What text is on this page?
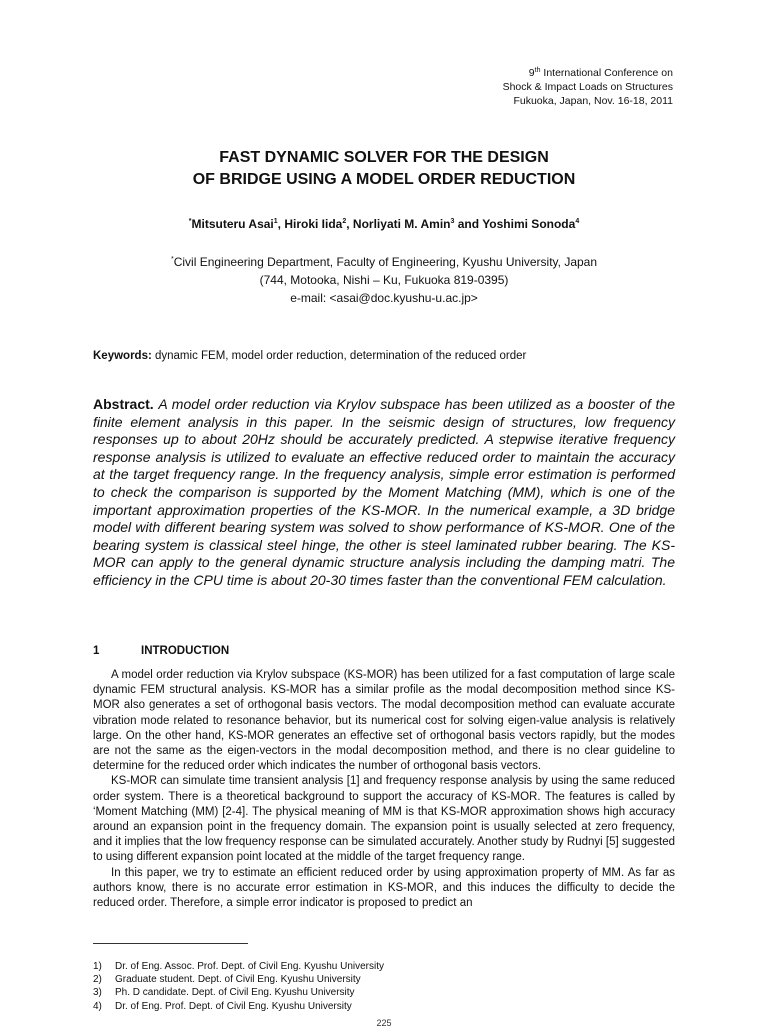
9th International Conference on
Shock & Impact Loads on Structures
Fukuoka, Japan, Nov. 16-18, 2011
FAST DYNAMIC SOLVER FOR THE DESIGN
OF BRIDGE USING A MODEL ORDER REDUCTION
*Mitsuteru Asai$^1$, Hiroki Iida$^2$, Norliyati M. Amin$^3$ and Yoshimi Sonoda$^4$
*Civil Engineering Department, Faculty of Engineering, Kyushu University, Japan
(744, Motooka, Nishi – Ku, Fukuoka 819-0395)
e-mail: <asai@doc.kyushu-u.ac.jp>
Keywords: dynamic FEM, model order reduction, determination of the reduced order
Abstract. A model order reduction via Krylov subspace has been utilized as a booster of the finite element analysis in this paper. In the seismic design of structures, low frequency responses up to about 20Hz should be accurately predicted. A stepwise iterative frequency response analysis is utilized to evaluate an effective reduced order to maintain the accuracy at the target frequency range. In the frequency analysis, simple error estimation is performed to check the comparison is supported by the Moment Matching (MM), which is one of the important approximation properties of the KS-MOR. In the numerical example, a 3D bridge model with different bearing system was solved to show performance of KS-MOR. One of the bearing system is classical steel hinge, the other is steel laminated rubber bearing. The KS-MOR can apply to the general dynamic structure analysis including the damping matri. The efficiency in the CPU time is about 20-30 times faster than the conventional FEM calculation.
1	INTRODUCTION

A model order reduction via Krylov subspace (KS-MOR) has been utilized for a fast computation of large scale dynamic FEM structural analysis. KS-MOR has a similar profile as the modal decomposition method since KS-MOR also generates a set of orthogonal basis vectors. The modal decomposition method can evaluate accurate vibration mode related to resonance behavior, but its numerical cost for solving eigen-value analysis is relatively large. On the other hand, KS-MOR generates an effective set of orthogonal basis vectors rapidly, but the modes are not the same as the eigen-vectors in the modal decomposition method, and there is no clear guideline to determine for the reduced order which indicates the number of orthogonal basis vectors.

KS-MOR can simulate time transient analysis [1] and frequency response analysis by using the same reduced order system. There is a theoretical background to support the accuracy of KS-MOR. The features is called by ‘Moment Matching (MM) [2-4]. The physical meaning of MM is that KS-MOR approximation shows high accuracy around an expansion point in the frequency domain. The expansion point is usually selected at zero frequency, and it implies that the low frequency response can be simulated accurately. Another study by Rudnyi [5] suggested to using different expansion point located at the middle of the target frequency range.

In this paper, we try to estimate an efficient reduced order by using approximation property of MM. As far as authors know, there is no accurate error estimation in KS-MOR, and this induces the difficulty to decide the reduced order. Therefore, a simple error indicator is proposed to predict an

1)	Dr. of Eng. Assoc. Prof. Dept. of Civil Eng. Kyushu University
2)	Graduate student. Dept. of Civil Eng. Kyushu University
3)	Ph. D candidate. Dept. of Civil Eng. Kyushu University
4)	Dr. of Eng. Prof. Dept. of Civil Eng. Kyushu University
225
